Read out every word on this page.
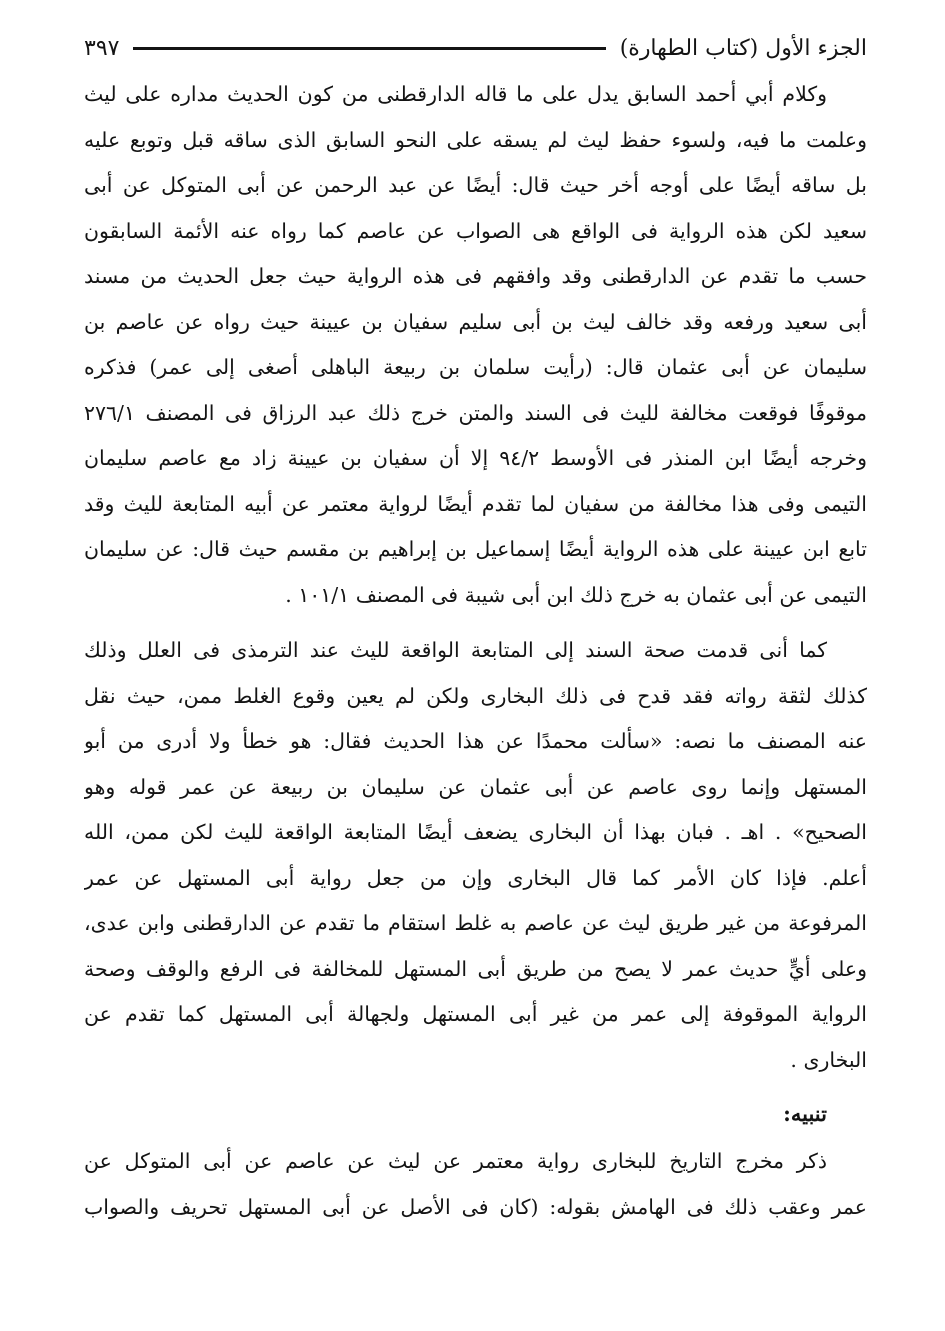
الجزء الأول (كتاب الطهارة)
٣٩٧
وكلام أبي أحمد السابق يدل على ما قاله الدارقطنى من كون الحديث مداره على ليث
وعلمت ما فيه، ولسوء حفظ ليث لم يسقه على النحو السابق الذى ساقه قبل وتوبع عليه
بل ساقه أيضًا على أوجه أخر حيث قال: أيضًا عن عبد الرحمن عن أبى المتوكل عن أبى
سعيد لكن هذه الرواية فى الواقع هى الصواب عن عاصم كما رواه عنه الأئمة السابقون
حسب ما تقدم عن الدارقطنى وقد وافقهم فى هذه الرواية حيث جعل الحديث من مسند
أبى سعيد ورفعه وقد خالف ليث بن أبى سليم سفيان بن عيينة حيث رواه عن عاصم بن
سليمان عن أبى عثمان قال: (رأيت سلمان بن ربيعة الباهلى أصغى إلى عمر) فذكره
موقوفًا فوقعت مخالفة لليث فى السند والمتن خرج ذلك عبد الرزاق فى المصنف ٢٧٦/١
وخرجه أيضًا ابن المنذر فى الأوسط ٩٤/٢ إلا أن سفيان بن عيينة زاد مع عاصم سليمان
التيمى وفى هذا مخالفة من سفيان لما تقدم أيضًا لرواية معتمر عن أبيه المتابعة لليث وقد
تابع ابن عيينة على هذه الرواية أيضًا إسماعيل بن إبراهيم بن مقسم حيث قال: عن سليمان
التيمى عن أبى عثمان به خرج ذلك ابن أبى شيبة فى المصنف ١٠١/١ .
كما أنى قدمت صحة السند إلى المتابعة الواقعة لليث عند الترمذى فى العلل وذلك
كذلك لثقة رواته فقد قدح فى ذلك البخارى ولكن لم يعين وقوع الغلط ممن، حيث نقل
عنه المصنف ما نصه: «سألت محمدًا عن هذا الحديث فقال: هو خطأ ولا أدرى من أبو
المستهل وإنما روى عاصم عن أبى عثمان عن سليمان بن ربيعة عن عمر قوله وهو
الصحيح» . اهـ . فبان بهذا أن البخارى يضعف أيضًا المتابعة الواقعة لليث لكن ممن، الله
أعلم. فإذا كان الأمر كما قال البخارى وإن من جعل رواية أبى المستهل عن عمر
المرفوعة من غير طريق ليث عن عاصم به غلط استقام ما تقدم عن الدارقطنى وابن عدى،
وعلى أيٍّ حديث عمر لا يصح من طريق أبى المستهل للمخالفة فى الرفع والوقف وصحة
الرواية الموقوفة إلى عمر من غير أبى المستهل ولجهالة أبى المستهل كما تقدم عن
البخارى .
تنبيه:
ذكر مخرج التاريخ للبخارى رواية معتمر عن ليث عن عاصم عن أبى المتوكل عن
عمر وعقب ذلك فى الهامش بقوله: (كان فى الأصل عن أبى المستهل تحريف والصواب
